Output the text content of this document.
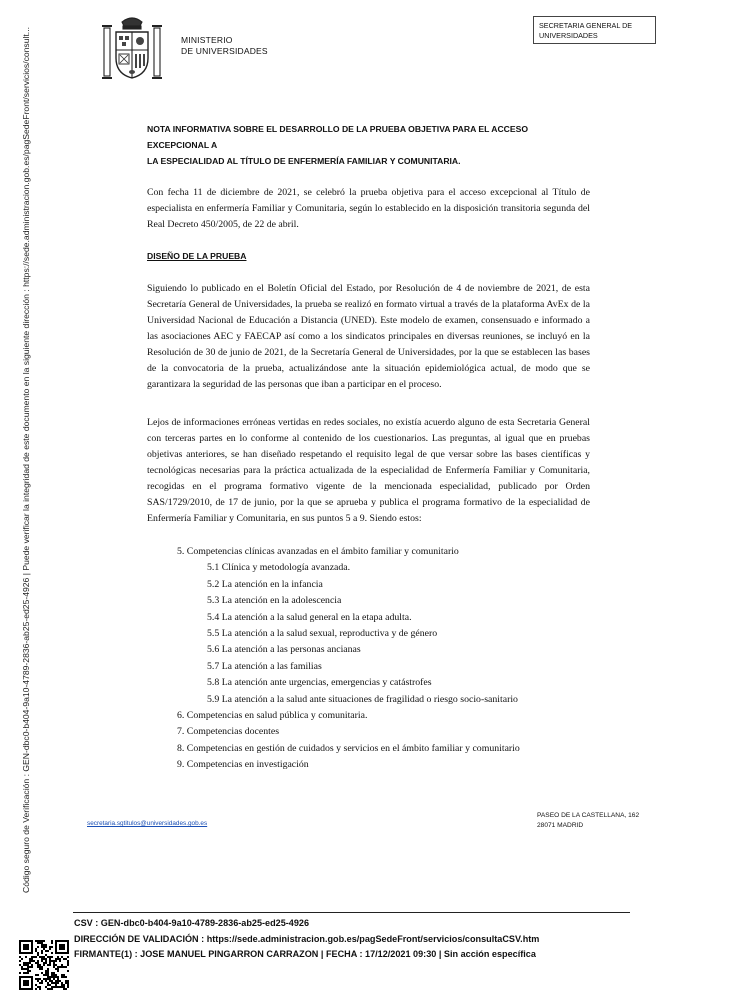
Código seguro de Verificación : GEN-dbc0-b404-9a10-4789-2836-ab25-ed25-4926 | Puede verificar la integridad de este documento en la siguiente dirección : https://sede.administracion.gob.es/pagSedeFront/servicios/consult...	MINISTERIO
DE UNIVERSIDADES
SECRETARIA GENERAL DE
UNIVERSIDADES
NOTA INFORMATIVA SOBRE EL DESARROLLO DE LA PRUEBA OBJETIVA PARA EL ACCESO EXCEPCIONAL A
LA ESPECIALIDAD AL TÍTULO DE ENFERMERÍA FAMILIAR Y COMUNITARIA.
Con fecha 11 de diciembre de 2021, se celebró la prueba objetiva para el acceso excepcional al Título de especialista en enfermería Familiar y Comunitaria, según lo establecido en la disposición transitoria segunda del Real Decreto 450/2005, de 22 de abril.
DISEÑO DE LA PRUEBA
Siguiendo lo publicado en el Boletín Oficial del Estado, por Resolución de 4 de noviembre de 2021, de esta Secretaría General de Universidades, la prueba se realizó en formato virtual a través de la plataforma AvEx de la Universidad Nacional de Educación a Distancia (UNED). Este modelo de examen, consensuado e informado a las asociaciones AEC y FAECAP así como a los sindicatos principales en diversas reuniones, se incluyó en la Resolución de 30 de junio de 2021, de la Secretaría General de Universidades, por la que se establecen las bases de la convocatoria de la prueba, actualizándose ante la situación epidemiológica actual, de modo que se garantizara la seguridad de las personas que iban a participar en el proceso.
Lejos de informaciones erróneas vertidas en redes sociales, no existía acuerdo alguno de esta Secretaria General con terceras partes en lo conforme al contenido de los cuestionarios. Las preguntas, al igual que en pruebas objetivas anteriores, se han diseñado respetando el requisito legal de que versar sobre las bases científicas y tecnológicas necesarias para la práctica actualizada de la especialidad de Enfermería Familiar y Comunitaria, recogidas en el programa formativo vigente de la mencionada especialidad, publicado por Orden SAS/1729/2010, de 17 de junio, por la que se aprueba y publica el programa formativo de la especialidad de Enfermería Familiar y Comunitaria, en sus puntos 5 a 9. Siendo estos:
5. Competencias clínicas avanzadas en el ámbito familiar y comunitario
5.1 Clínica y metodología avanzada.
5.2 La atención en la infancia
5.3 La atención en la adolescencia
5.4 La atención a la salud general en la etapa adulta.
5.5 La atención a la salud sexual, reproductiva y de género
5.6 La atención a las personas ancianas
5.7 La atención a las familias
5.8 La atención ante urgencias, emergencias y catástrofes
5.9 La atención a la salud ante situaciones de fragilidad o riesgo socio-sanitario
6. Competencias en salud pública y comunitaria.
7. Competencias docentes
8. Competencias en gestión de cuidados y servicios en el ámbito familiar y comunitario
9. Competencias en investigación
secretaria.sgtitulos@universidades.gob.es
PASEO DE LA CASTELLANA, 162
28071 MADRID
CSV : GEN-dbc0-b404-9a10-4789-2836-ab25-ed25-4926
DIRECCIÓN DE VALIDACIÓN : https://sede.administracion.gob.es/pagSedeFront/servicios/consultaCSV.htm
FIRMANTE(1) : JOSE MANUEL PINGARRON CARRAZON | FECHA : 17/12/2021 09:30 | Sin acción específica
